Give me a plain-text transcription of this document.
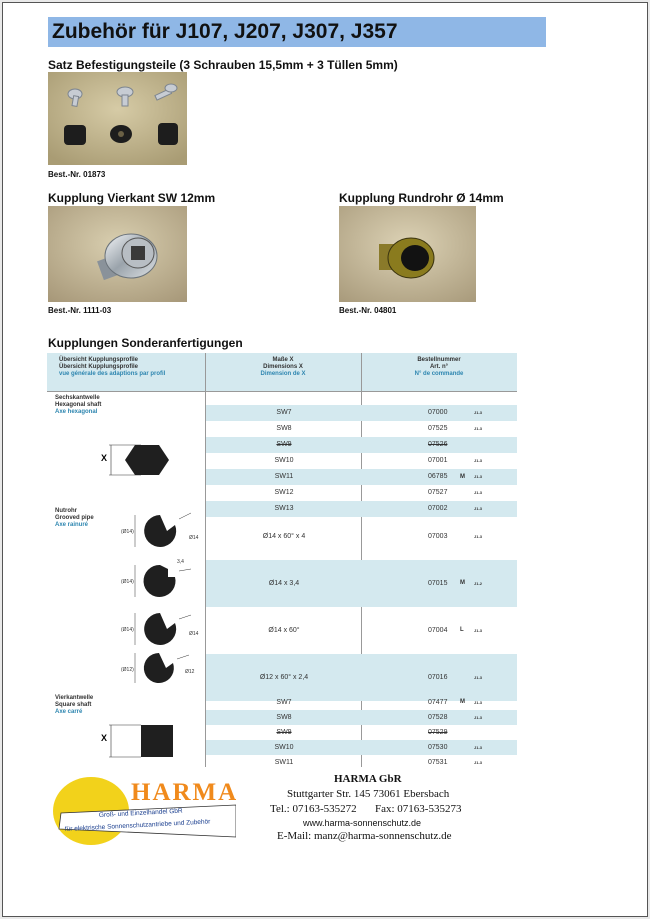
Zubehör für J107, J207, J307, J357
Satz Befestigungsteile (3 Schrauben 15,5mm + 3 Tüllen 5mm)
Best.-Nr. 01873
Kupplung Vierkant SW 12mm
Best.-Nr. 1111-03
Kupplung Rundrohr Ø 14mm
Best.-Nr. 04801
Kupplungen Sonderanfertigungen
Übersicht Kupplungsprofile
Übersicht Kupplungsprofile
vue générale des adaptions par profil
Maße X
Dimensions X
Dimension de X
Bestellnummer
Art. n°
N° de commande
Sechskantwelle
Hexagonal shaft
Axe hexagonal
Nutrohr
Grooved pipe
Axe rainuré
Vierkantwelle
Square shaft
Axe carré
X
(Ø14)
Ø14
(Ø14)
3,4
(Ø14)
Ø14
(Ø12)	Ø12
X
SW7	07000	J1-3
SW8	07525	J1-3
SW9	07526
SW10	07001	J1-3
SW11	06785	M J1-3
SW12	07527	J1-3
SW13	07002	J1-3
Ø14 x 60° x 4	07003	J1-3
Ø14 x 3,4	07015	M J1-2
Ø14 x 60°	07004	L	J1-3
Ø12 x 60° x 2,4	07016	J1-3
SW7	07477	M J1-3
SW8	07528	J1-3
SW9	07529
SW10	07530	J1-3
SW11	07531	J1-3
HARMA
Groß- und Einzelhandel GbR
für elektrische Sonnenschutzantriebe und Zubehör
HARMA GbR
Stuttgarter Str. 145 73061 Ebersbach
Tel.: 07163-535272 Fax: 07163-535273
www.harma-sonnenschutz.de
E-Mail: manz@harma-sonnenschutz.de
